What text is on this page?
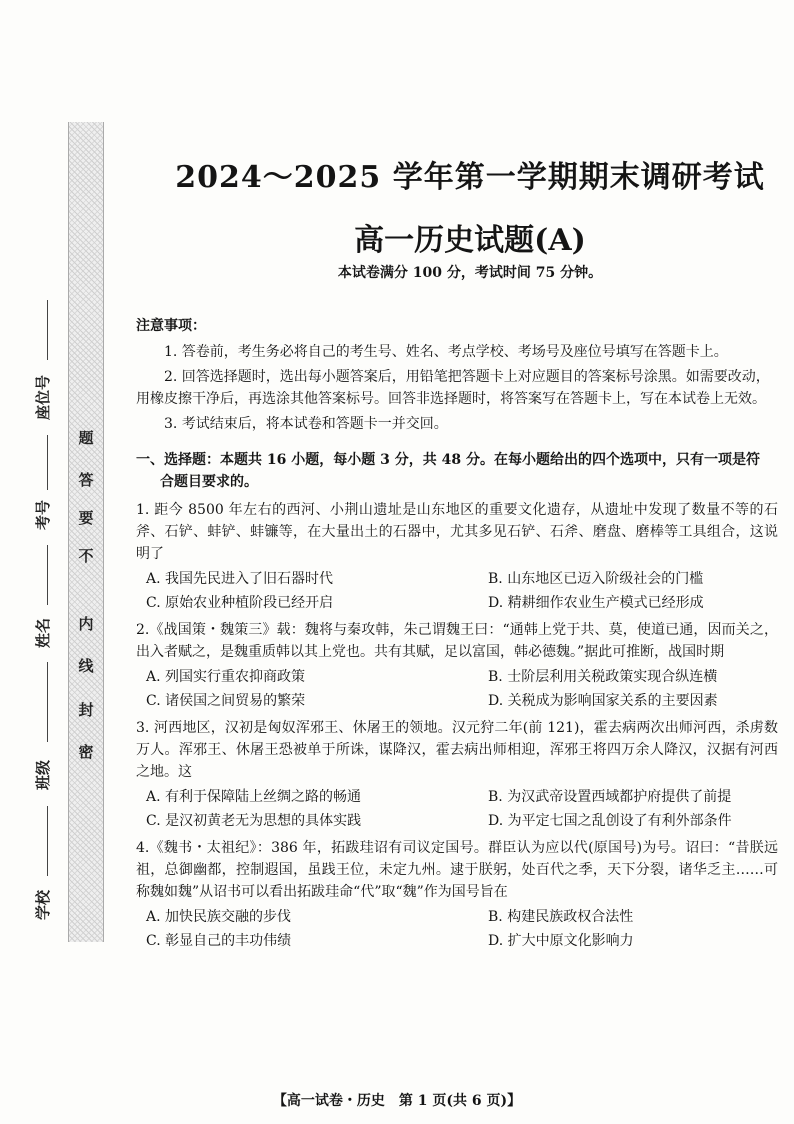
题
答
要
不
内
线
封
密
座位号
考号
姓名
班级
学校
2024～2025 学年第一学期期末调研考试
高一历史试题(A)
本试卷满分 100 分，考试时间 75 分钟。
注意事项：
1. 答卷前，考生务必将自己的考生号、姓名、考点学校、考场号及座位号填写在答题卡上。
2. 回答选择题时，选出每小题答案后，用铅笔把答题卡上对应题目的答案标号涂黑。如需要改动，用橡皮擦干净后，再选涂其他答案标号。回答非选择题时，将答案写在答题卡上，写在本试卷上无效。
3. 考试结束后，将本试卷和答题卡一并交回。
一、选择题：本题共 16 小题，每小题 3 分，共 48 分。在每小题给出的四个选项中，只有一项是符
合题目要求的。
1. 距今 8500 年左右的西河、小荆山遗址是山东地区的重要文化遗存，从遗址中发现了数量不等的石斧、石铲、蚌铲、蚌镰等，在大量出土的石器中，尤其多见石铲、石斧、磨盘、磨棒等工具组合，这说明了
A. 我国先民进入了旧石器时代	B. 山东地区已迈入阶级社会的门槛
C. 原始农业种植阶段已经开启	D. 精耕细作农业生产模式已经形成
2.《战国策・魏策三》载：魏将与秦攻韩，朱己谓魏王曰：“通韩上党于共、莫，使道已通，因而关之，出入者赋之，是魏重质韩以其上党也。共有其赋，足以富国，韩必德魏。”据此可推断，战国时期
A. 列国实行重农抑商政策	B. 士阶层利用关税政策实现合纵连横
C. 诸侯国之间贸易的繁荣	D. 关税成为影响国家关系的主要因素
3. 河西地区，汉初是匈奴浑邪王、休屠王的领地。汉元狩二年(前 121)，霍去病两次出师河西，杀虏数万人。浑邪王、休屠王恐被单于所诛，谋降汉，霍去病出师相迎，浑邪王将四万余人降汉，汉据有河西之地。这
A. 有利于保障陆上丝绸之路的畅通	B. 为汉武帝设置西域都护府提供了前提
C. 是汉初黄老无为思想的具体实践	D. 为平定七国之乱创设了有利外部条件
4.《魏书・太祖纪》：386 年，拓跋珪诏有司议定国号。群臣认为应以代(原国号)为号。诏曰：“昔朕远祖，总御幽都，控制遐国，虽践王位，未定九州。逮于朕躬，处百代之季，天下分裂，诸华乏主……可称魏如魏”从诏书可以看出拓跋珪命“代”取“魏”作为国号旨在
A. 加快民族交融的步伐	B. 构建民族政权合法性
C. 彰显自己的丰功伟绩	D. 扩大中原文化影响力
【高一试卷・历史　第 1 页(共 6 页)】
